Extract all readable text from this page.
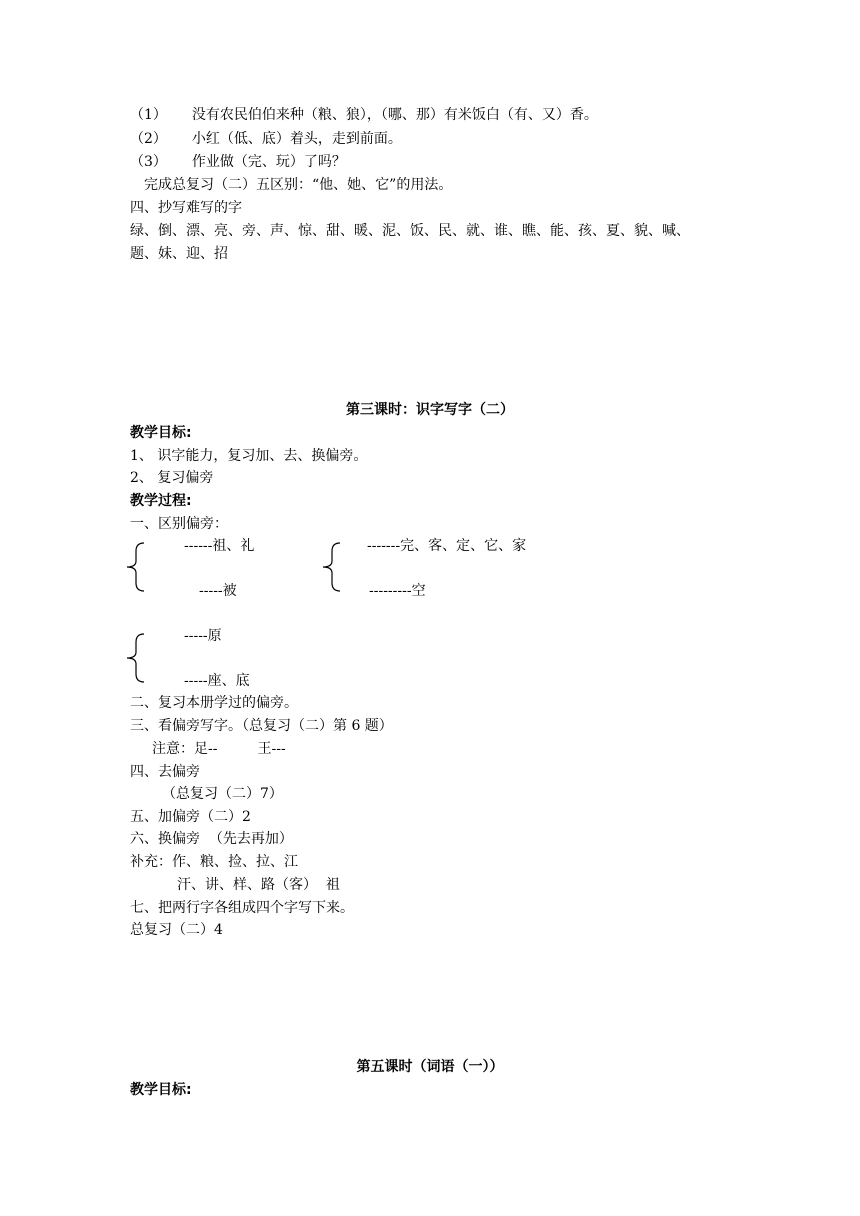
（1） 没有农民伯伯来种（粮、狼），（哪、那）有米饭白（有、又）香。
（2） 小红（低、底）着头，走到前面。
（3） 作业做（完、玩）了吗？
完成总复习（二）五区别：“他、她、它”的用法。
四、抄写难写的字
绿、倒、漂、亮、旁、声、惊、甜、暖、泥、饭、民、就、谁、瞧、能、孩、夏、貌、喊、
题、妹、迎、招
第三课时：识字写字（二）
教学目标:
1、 识字能力，复习加、去、换偏旁。
2、 复习偏旁
教学过程:
一、区别偏旁：
------祖、礼
-----被
-------完、客、定、它、家
---------空
-----原
-----座、底
二、复习本册学过的偏旁。
三、看偏旁写字。（总复习（二）第 6 题）
注意：足--         王---
四、去偏旁
（总复习（二）7）
五、加偏旁（二）2
六、换偏旁  （先去再加）
补充：作、粮、捡、拉、江
汗、讲、样、路（客）  祖
七、把两行字各组成四个字写下来。
总复习（二）4
第五课时（词语（一））
教学目标:
